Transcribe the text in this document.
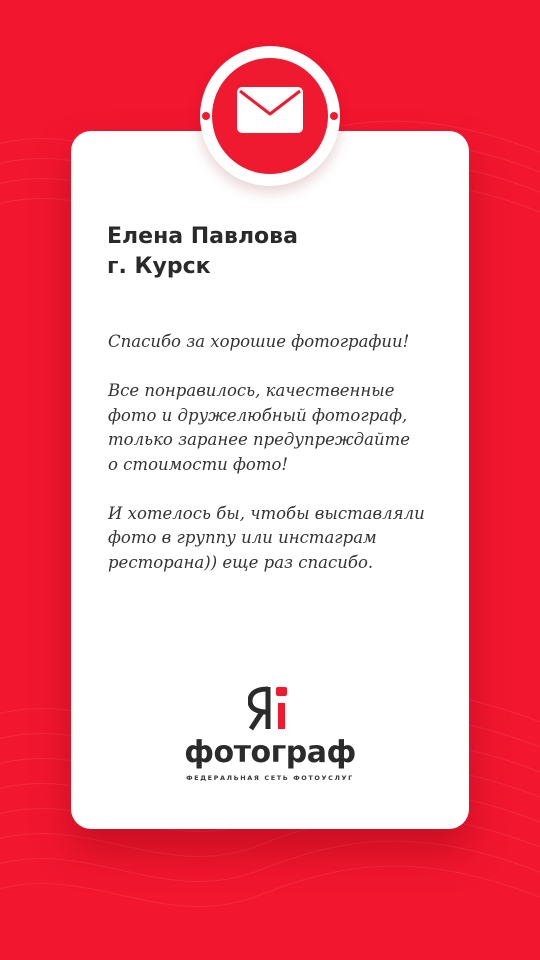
Елена Павлова
г. Курск

Спасибо за хорошие фотографии!

Все понравилось, качественные
фото и дружелюбный фотограф,
только заранее предупреждайте
о стоимости фото!

И хотелось бы, чтобы выставляли
фото в группу или инстаграм
ресторана)) еще раз спасибо.

фотограф
ФЕДЕРАЛЬНАЯ СЕТЬ ФОТОУСЛУГ
